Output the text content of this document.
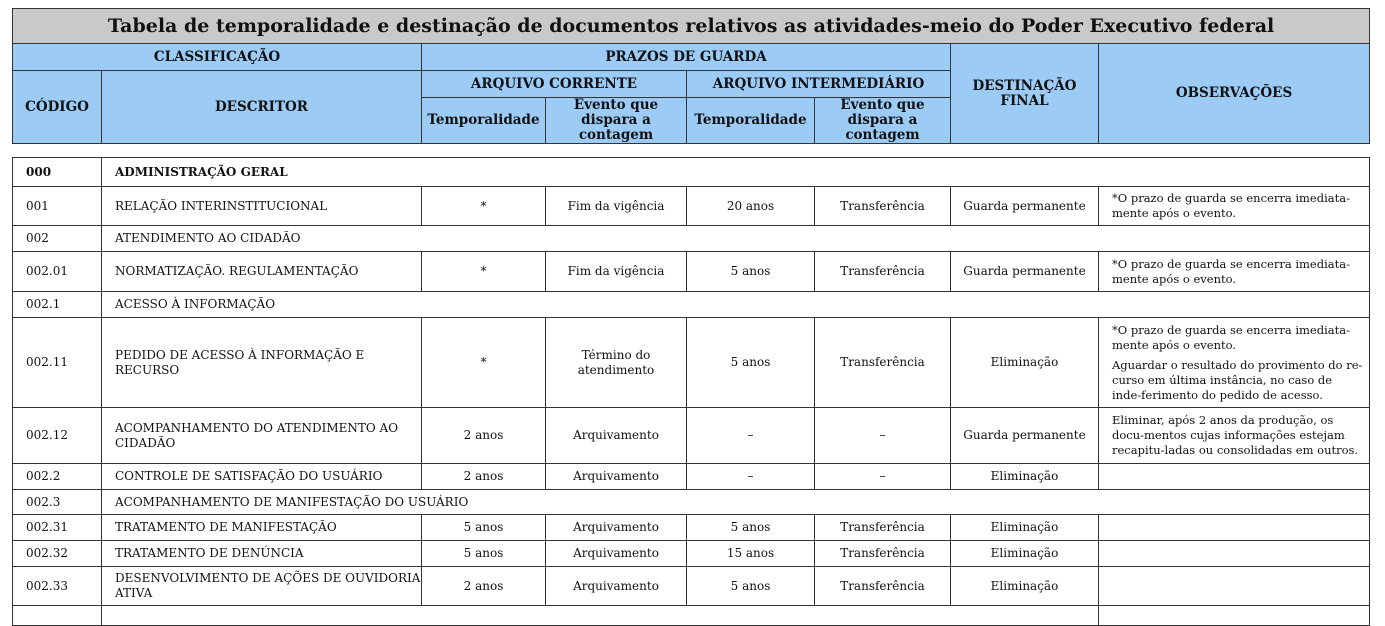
Tabela de temporalidade e destinação de documentos relativos as atividades-meio do Poder Executivo federal							
CLASSIFICAÇÃO		PRAZOS DE GUARDA				DESTINAÇÃO FINAL	OBSERVAÇÕES
CÓDIGO	DESCRITOR	ARQUIVO CORRENTE		ARQUIVO INTERMEDIÁRIO			
		Temporalidade	Evento que dispara a contagem	Temporalidade	Evento que dispara a contagem		

000	ADMINISTRAÇÃO GERAL						
001	RELAÇÃO INTERINSTITUCIONAL	*	Fim da vigência	20 anos	Transferência	Guarda permanente	*O prazo de guarda se encerra imediata-mente após o evento.

002	ATENDIMENTO AO CIDADÃO						
002.01	NORMATIZAÇÃO. REGULAMENTAÇÃO	*	Fim da vigência	5 anos	Transferência	Guarda permanente	*O prazo de guarda se encerra imediata-mente após o evento.

002.1	ACESSO À INFORMAÇÃO						
002.11	PEDIDO DE ACESSO À INFORMAÇÃO E RECURSO	*	Término do atendimento	5 anos	Transferência	Eliminação	*O prazo de guarda se encerra imediata-mente após o evento.

Aguardar o resultado do provimento do re-curso em última instância, no caso de inde-ferimento do pedido de acesso.

002.12	ACOMPANHAMENTO DO ATENDIMENTO AO CIDADÃO	2 anos	Arquivamento	–	–	Guarda permanente	Eliminar, após 2 anos da produção, os docu-mentos cujas informações estejam recapitu-ladas ou consolidadas em outros.

002.2	CONTROLE DE SATISFAÇÃO DO USUÁRIO	2 anos	Arquivamento	–	–	Eliminação	
002.3	ACOMPANHAMENTO DE MANIFESTAÇÃO DO USUÁRIO						
002.31	TRATAMENTO DE MANIFESTAÇÃO	5 anos	Arquivamento	5 anos	Transferência	Eliminação	
002.32	TRATAMENTO DE DENÚNCIA	5 anos	Arquivamento	15 anos	Transferência	Eliminação	
002.33	DESENVOLVIMENTO DE AÇÕES DE OUVIDORIA ATIVA	2 anos	Arquivamento	5 anos	Transferência	Eliminação	
